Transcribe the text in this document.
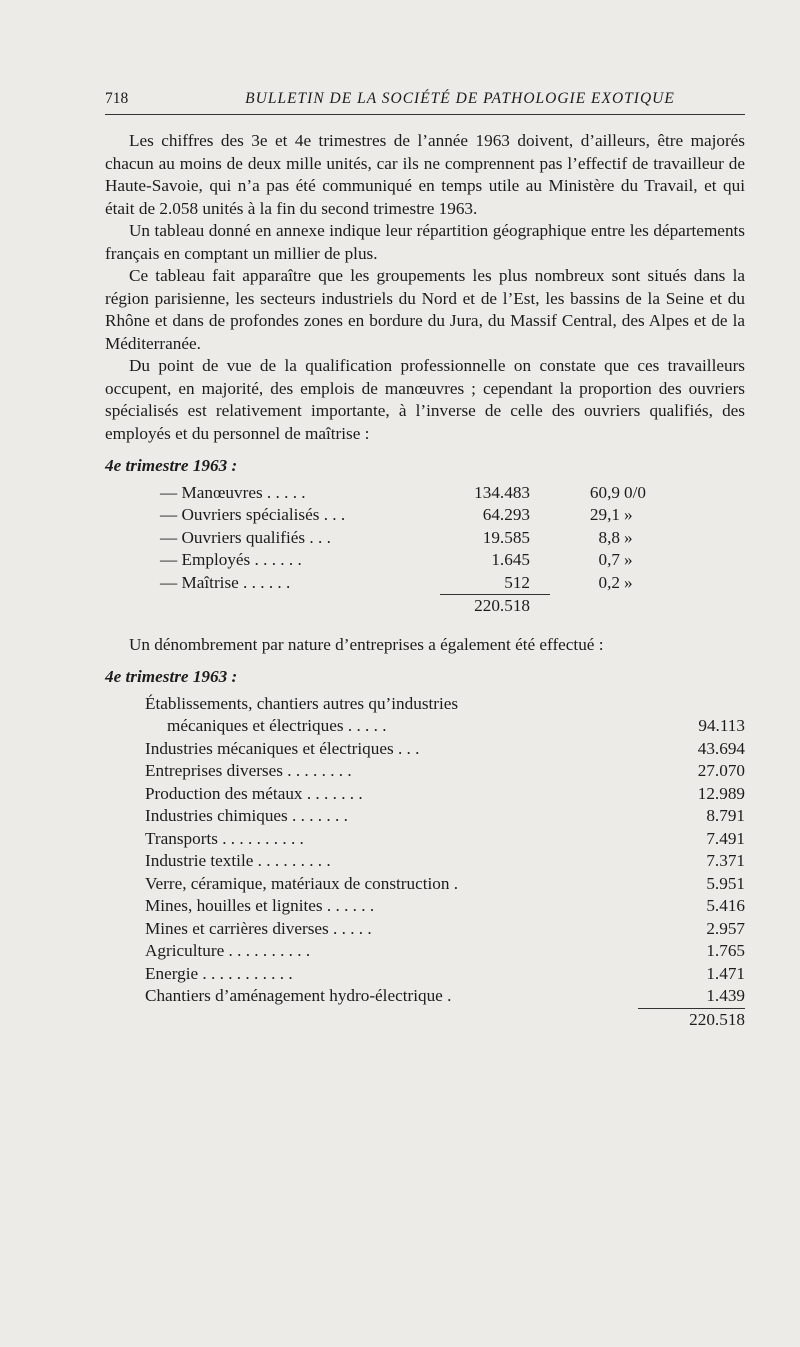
718	BULLETIN DE LA SOCIÉTÉ DE PATHOLOGIE EXOTIQUE

Les chiffres des 3e et 4e trimestres de l’année 1963 doivent, d’ailleurs, être majorés chacun au moins de deux mille unités, car ils ne comprennent pas l’effectif de travailleur de Haute-Savoie, qui n’a pas été communiqué en temps utile au Ministère du Travail, et qui était de 2.058 unités à la fin du second trimestre 1963.

Un tableau donné en annexe indique leur répartition géographique entre les départements français en comptant un millier de plus.

Ce tableau fait apparaître que les groupements les plus nombreux sont situés dans la région parisienne, les secteurs industriels du Nord et de l’Est, les bassins de la Seine et du Rhône et dans de profondes zones en bordure du Jura, du Massif Central, des Alpes et de la Méditerranée.

Du point de vue de la qualification professionnelle on constate que ces travailleurs occupent, en majorité, des emplois de manœuvres ; cependant la proportion des ouvriers spécialisés est relativement importante, à l’inverse de celle des ouvriers qualifiés, des employés et du personnel de maîtrise :

4e trimestre 1963 :
— Manœuvres . . . . .	134.483	60,9	0/0
— Ouvriers spécialisés . . .	64.293	29,1	»
— Ouvriers qualifiés . . .	19.585	8,8	»
— Employés . . . . . .	1.645	0,7	»
— Maîtrise . . . . . .	512	0,2	»
	220.518		

Un dénombrement par nature d’entreprises a également été effectué :

4e trimestre 1963 :
Établissements, chantiers autres qu’industries	
mécaniques et électriques . . . . .	94.113
Industries mécaniques et électriques . . .	43.694
Entreprises diverses . . . . . . . .	27.070
Production des métaux . . . . . . .	12.989
Industries chimiques . . . . . . .	8.791
Transports . . . . . . . . . .	7.491
Industrie textile . . . . . . . . .	7.371
Verre, céramique, matériaux de construction .	5.951
Mines, houilles et lignites . . . . . .	5.416
Mines et carrières diverses . . . . .	2.957
Agriculture . . . . . . . . . .	1.765
Energie . . . . . . . . . . .	1.471
Chantiers d’aménagement hydro-électrique .	1.439
	220.518
